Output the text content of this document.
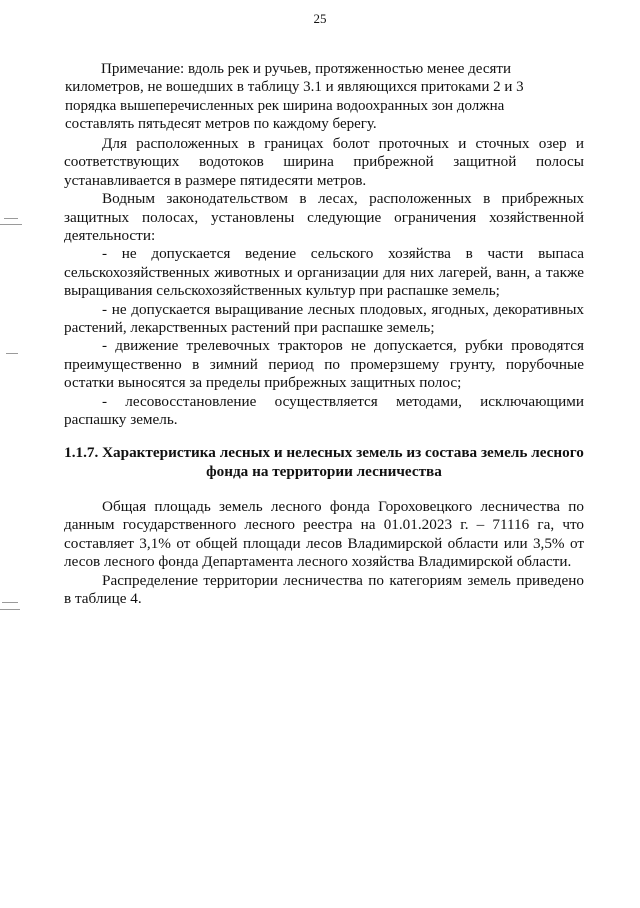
25
Примечание: вдоль рек и ручьев, протяженностью менее десяти
километров, не вошедших в таблицу 3.1 и являющихся притоками 2 и 3 порядка вышеперечисленных рек ширина водоохранных зон должна составлять пятьдесят метров по каждому берегу.

Для расположенных в границах болот проточных и сточных озер и соответствующих водотоков ширина прибрежной защитной полосы устанавливается в размере пятидесяти метров.

Водным законодательством в лесах, расположенных в прибрежных защитных полосах, установлены следующие ограничения хозяйственной деятельности:

- не допускается ведение сельского хозяйства в части выпаса сельскохозяйственных животных и организации для них лагерей, ванн, а также выращивания сельскохозяйственных культур при распашке земель;

- не допускается выращивание лесных плодовых, ягодных, декоративных растений, лекарственных растений при распашке земель;

- движение трелевочных тракторов не допускается, рубки проводятся преимущественно в зимний период по промерзшему грунту, порубочные остатки выносятся за пределы прибрежных защитных полос;

- лесовосстановление осуществляется методами, исключающими распашку земель.

1.1.7. Характеристика лесных и нелесных земель из состава земель лесного фонда на территории лесничества

Общая площадь земель лесного фонда Гороховецкого лесничества по данным государственного лесного реестра на 01.01.2023 г. – 71116 га, что составляет 3,1% от общей площади лесов Владимирской области или 3,5% от лесов лесного фонда Департамента лесного хозяйства Владимирской области.

Распределение территории лесничества по категориям земель приведено в таблице 4.
